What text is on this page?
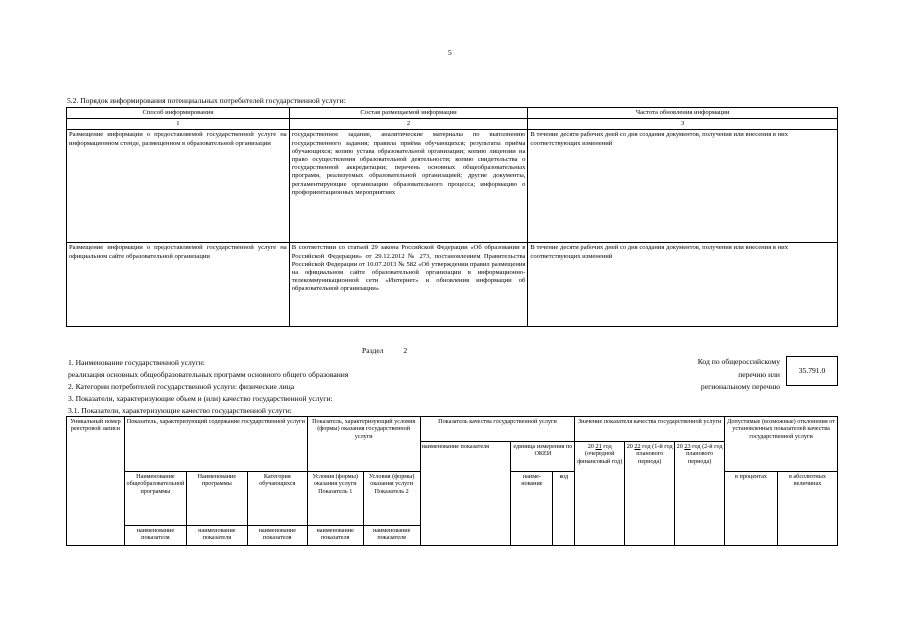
5
5.2. Порядок информирования потенциальных потребителей государственной услуги:
Способ информирования	Состав размещаемой информации	Частота обновления информации
1	2	3
Размещение информации о предоставляемой государственной услуге на информационном стенде, размещенном в образовательной организации	государственное задание, аналитические материалы по выполнению государственного задания; правила приёма обучающихся; результаты приёма обучающихся; копию устава образовательной организации; копию лицензии на право осуществления образовательной деятельности; копию свидетельства о государственной аккредитации; перечень основных общеобразовательных программ, реализуемых образовательной организацией; другие документы, регламентирующие организацию образовательного процесса; информацию о профориентационных мероприятиях	В течение десяти рабочих дней со дня создания документов, получения или внесения в них соответствующих изменений
Размещение информации о предоставляемой государственной услуге на официальном сайте образовательной организации	В соответствии со статьей 29 закона Российской Федерации «Об образовании в Российской Федерации» от 29.12.2012 № 273, постановлением Правительства Российской Федерации от 10.07.2013 № 582 «Об утверждении правил размещения на официальном сайте образовательной организации в информационно-телекоммуникационной сети «Интернет» и обновления информации об образовательной организации»	В течение десяти рабочих дней со дня создания документов, получения или внесения в них соответствующих изменений
Раздел	2
1. Наименование государственной услуги:
реализация основных общеобразовательных программ основного общего образования
2. Категории потребителей государственной услуги: физические лица
3. Показатели, характеризующие объем и (или) качество государственной услуги:
3.1. Показатели, характеризующие качество государственной услуги:
Код по общероссийскому
перечню или
региональному перечню
35.791.0
Уникальный номер реестровой записи	Показатель, характеризующий содержание государственной услуги			Показатель, характеризующий условия (формы) оказания государственной услуги		Показатель качества государственной услуги			Значение показателя качества государственной услуги			Допустимые (возможные) отклонения от установленных показателей качества государственной услуги	
						наименование показателя	единица измерения по ОКЕИ		20 21 год (очередной финансовый год)	20 22 год (1-й год планового периода)	20 23 год (2-й год планового периода)		
	Наименование общеобразовательной программы	Наименование программы	Категория обучающихся	Условия (формы) оказания услуги Показатель 1	Условия (формы) оказания услуги Показатель 2		наиме-нование	код				в процентах	в абсолютных величинах
	наименование показателя	наименование показателя	наименование показателя	наименование показателя	наименование показателя								
